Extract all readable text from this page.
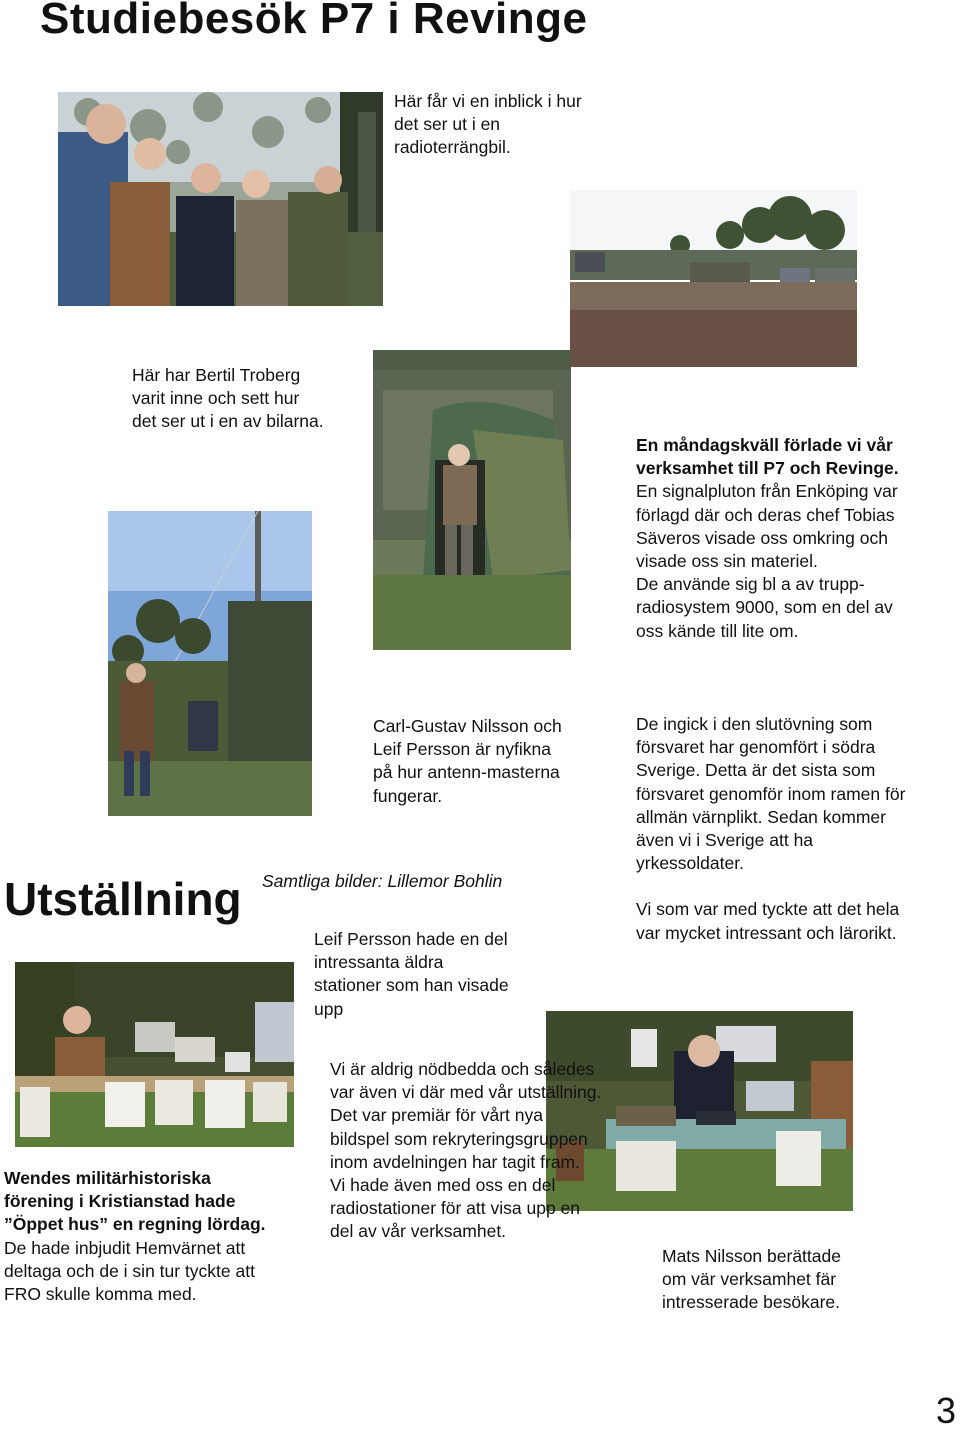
Studiebesök P7 i Revinge
Här får vi en inblick i hur det ser ut i en radioterrängbil.
Här har Bertil Troberg varit inne och sett hur det ser ut i en av bilarna.

En måndagskväll förlade vi vår verksamhet till P7 och Revinge.

En signalpluton från Enköping var förlagd där och deras chef Tobias Säveros visade oss omkring och visade oss sin materiel.

De använde sig bl a av trupp-radiosystem 9000, som en del av oss kände till lite om.

De ingick i den slutövning som försvaret har genomfört i södra Sverige. Detta är det sista som försvaret genomför inom ramen för allmän värnplikt. Sedan kommer även vi i Sverige att ha yrkessoldater.

Vi som var med tyckte att det hela var mycket intressant och lärorikt.

Carl-Gustav Nilsson och Leif Persson är nyfikna på hur antenn-masterna fungerar.
Utställning Samtliga bilder: Lillemor Bohlin
Leif Persson hade en del intressanta äldra stationer som han visade upp

Vi är aldrig nödbedda och således var även vi där med vår utställning.

Det var premiär för vårt nya bildspel som rekryteringsgruppen inom avdelningen har tagit fram.

Vi hade även med oss en del radiostationer för att visa upp en del av vår verksamhet.

Wendes militärhistoriska förening i Kristianstad hade ”Öppet hus” en regning lördag. De hade inbjudit Hemvärnet att deltaga och de i sin tur tyckte att FRO skulle komma med.
Mats Nilsson berättade om vär verksamhet fär intresserade besökare.
3
